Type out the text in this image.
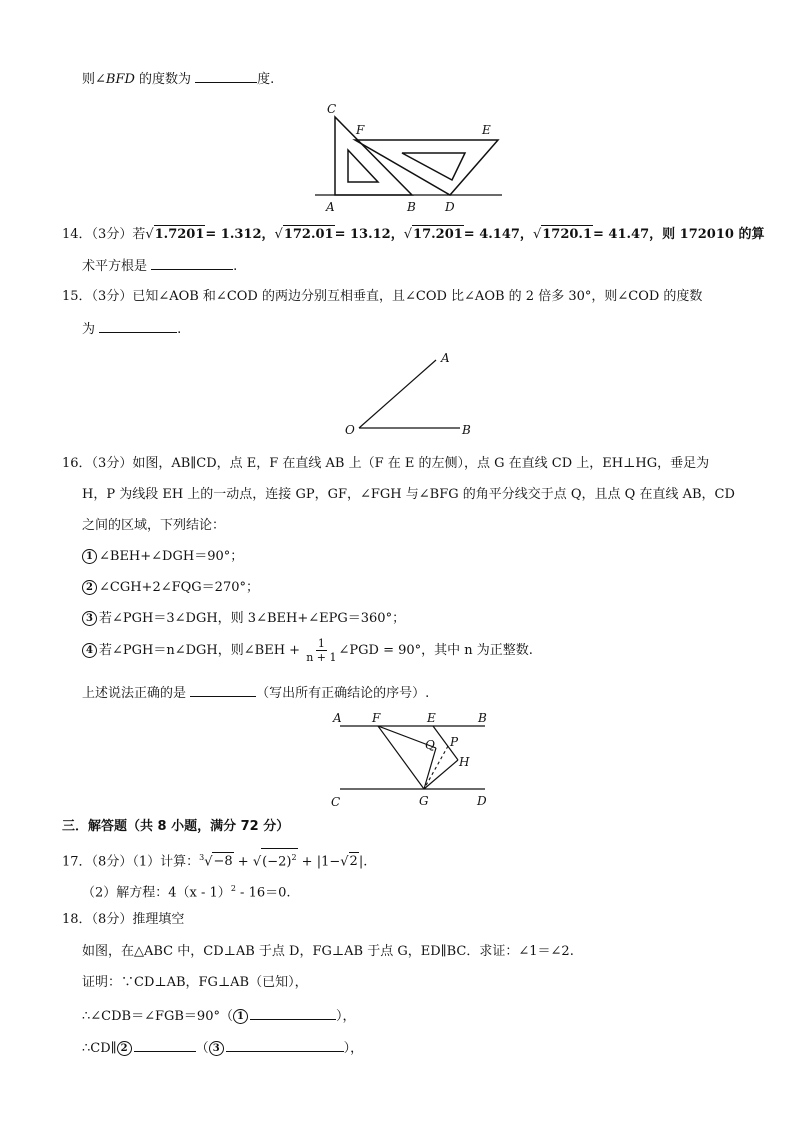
则∠BFD 的度数为	度.
C
F	E
A	B D
14．（3分）若√1.7201= 1.312，√172.01= 13.12，√17.201= 4.147，√1720.1= 41.47，则 172010 的算
术平方根是	.
15．（3分）已知∠AOB 和∠COD 的两边分别互相垂直，且∠COD 比∠AOB 的 2 倍多 30°，则∠COD 的度数
为	.
A
O	B
16．（3分）如图，AB∥CD，点 E，F 在直线 AB 上（F 在 E 的左侧），点 G 在直线 CD 上，EH⊥HG，垂足为
H，P 为线段 EH 上的一动点，连接 GP，GF，∠FGH 与∠BFG 的角平分线交于点 Q，且点 Q 在直线 AB，CD
之间的区域，下列结论：
1 ∠BEH+∠DGH＝90°；
2 ∠CGH+2∠FQG＝270°；
3 若∠PGH＝3∠DGH，则 3∠BEH+∠EPG＝360°；
4 若∠PGH＝n∠DGH，则∠BEH + $\frac{1}{n + 1}$ ∠PGD = 90°，其中 n 为正整数.
上述说法正确的是	（写出所有正确结论的序号）.
A	F	E	B
Q P
H
C	G	D
三．解答题（共 8 小题，满分 72 分）
17．（8分）（1）计算：$^3√-8 + √(-2)^2 + |1-√2|$.
（2）解方程：4（x - 1）$^2$ - 16＝0.
18．（8分）推理填空
如图，在△ABC 中，CD⊥AB 于点 D，FG⊥AB 于点 G，ED∥BC．求证：∠1＝∠2.
证明：∵CD⊥AB，FG⊥AB（已知），
∴∠CDB＝∠FGB＝90°（ 1	），
∴CD∥ 2	（ 3	），
